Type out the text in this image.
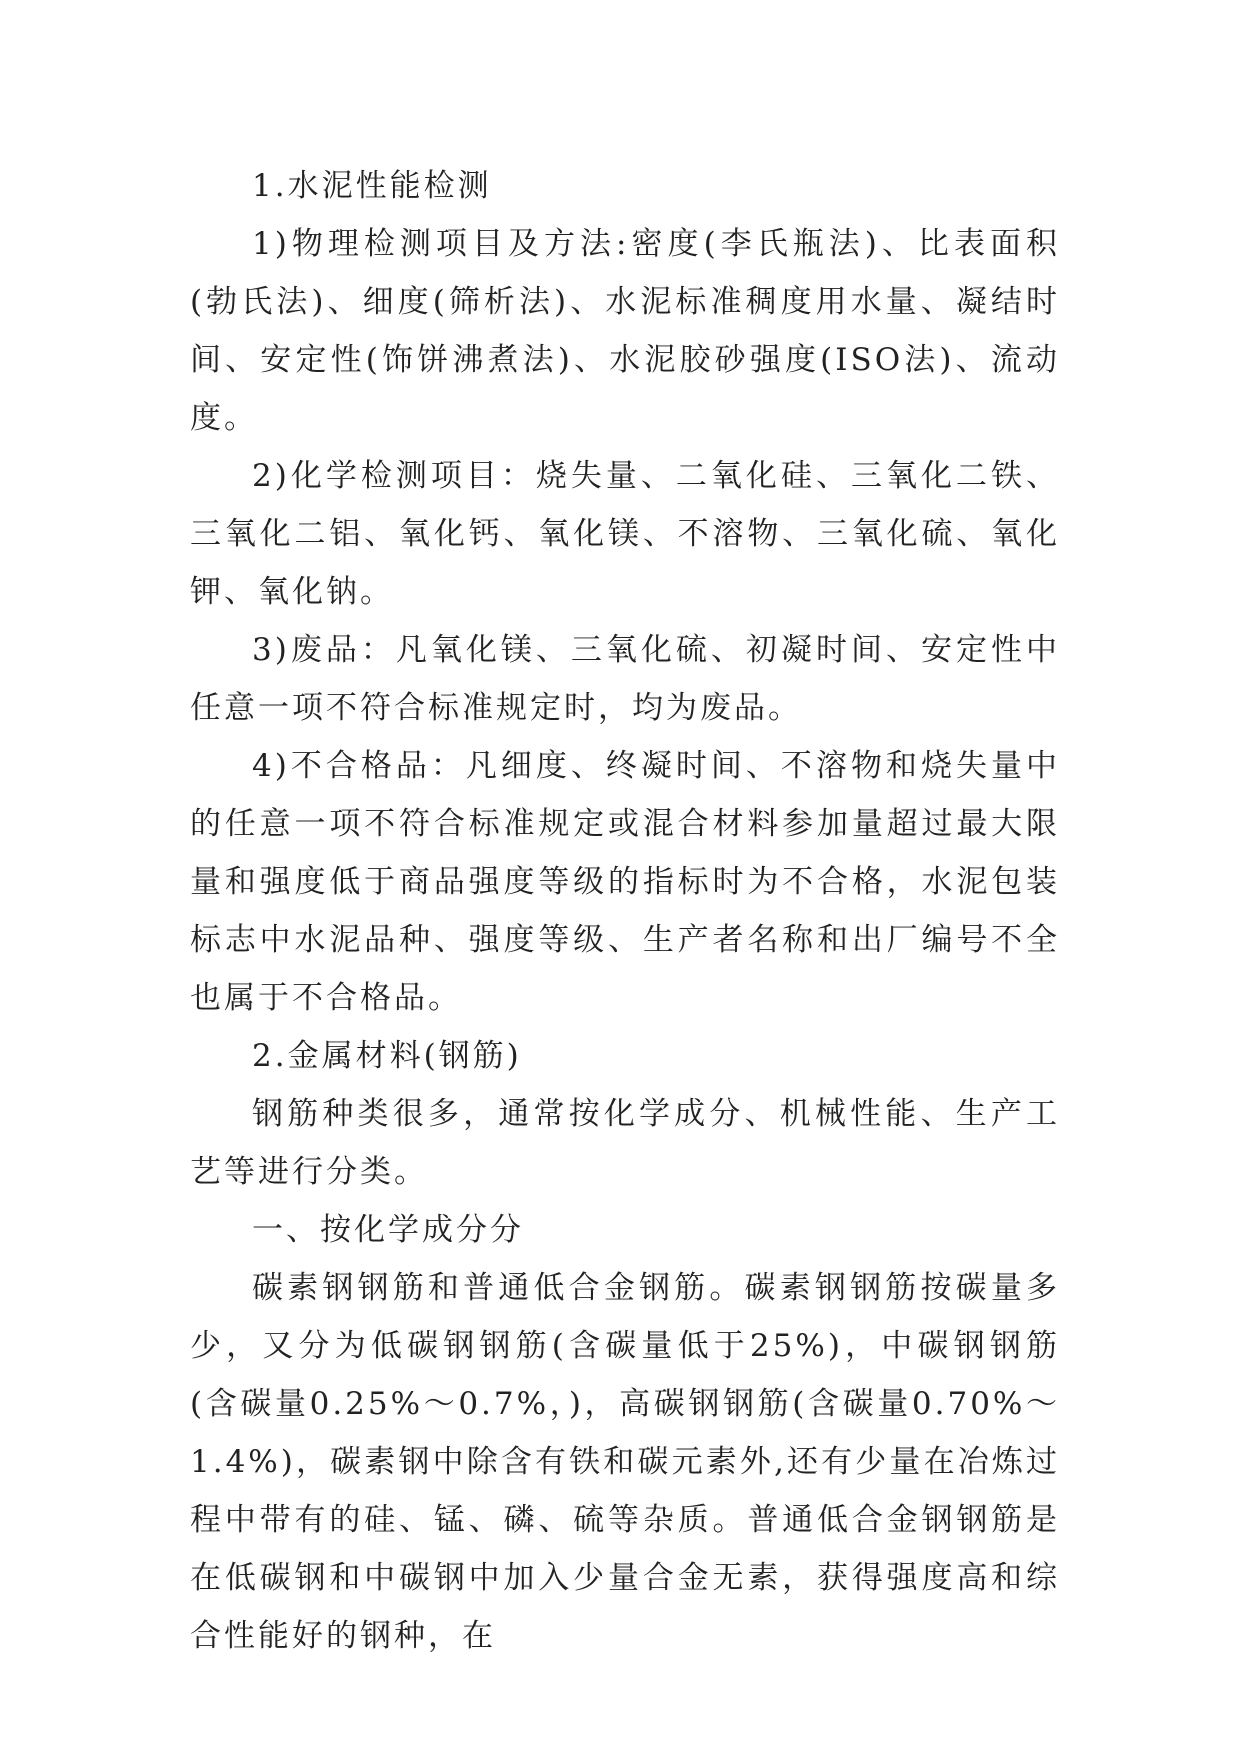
1.水泥性能检测

1)物理检测项目及方法:密度(李氏瓶法)、比表面积(勃氏法)、细度(筛析法)、水泥标准稠度用水量、凝结时间、安定性(饰饼沸煮法)、水泥胶砂强度(ISO法)、流动度。

2)化学检测项目：烧失量、二氧化硅、三氧化二铁、三氧化二铝、氧化钙、氧化镁、不溶物、三氧化硫、氧化钾、氧化钠。

3)废品：凡氧化镁、三氧化硫、初凝时间、安定性中任意一项不符合标准规定时，均为废品。

4)不合格品：凡细度、终凝时间、不溶物和烧失量中的任意一项不符合标准规定或混合材料参加量超过最大限量和强度低于商品强度等级的指标时为不合格，水泥包装标志中水泥品种、强度等级、生产者名称和出厂编号不全也属于不合格品。

2.金属材料(钢筋)

钢筋种类很多，通常按化学成分、机械性能、生产工艺等进行分类。

一、按化学成分分

碳素钢钢筋和普通低合金钢筋。碳素钢钢筋按碳量多少，又分为低碳钢钢筋(含碳量低于25%)，中碳钢钢筋(含碳量0.25%～0.7%，)，高碳钢钢筋(含碳量0.70%～1.4%)，碳素钢中除含有铁和碳元素外,还有少量在冶炼过程中带有的硅、锰、磷、硫等杂质。普通低合金钢钢筋是在低碳钢和中碳钢中加入少量合金无素，获得强度高和综合性能好的钢种，在
